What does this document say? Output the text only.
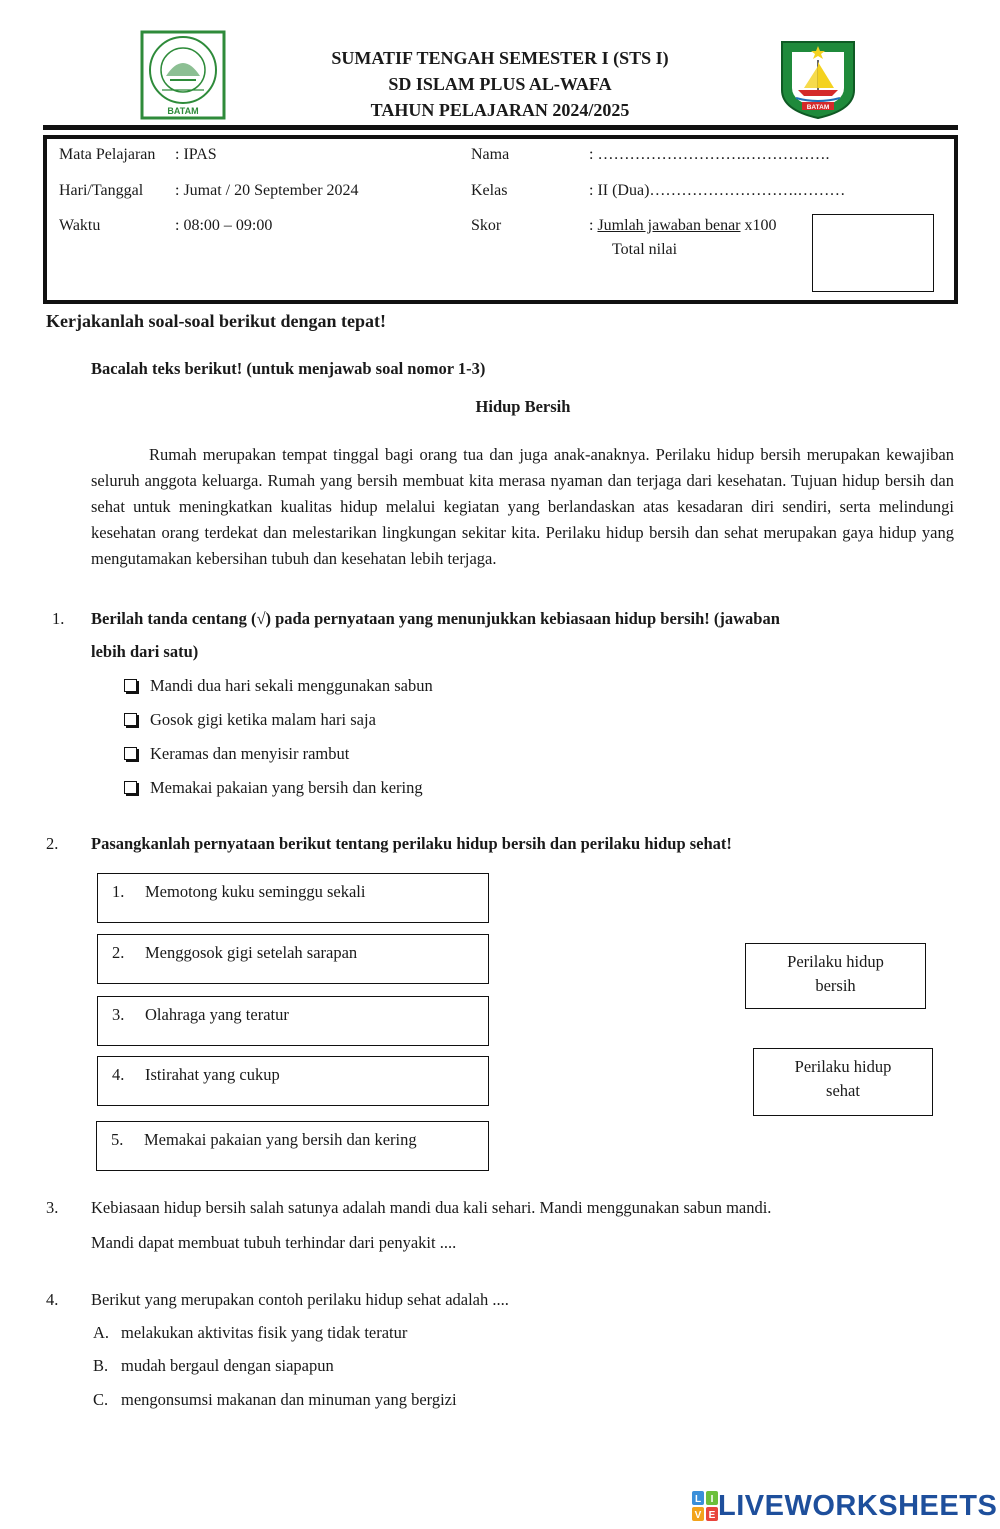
BATAM
SUMATIF TENGAH SEMESTER I (STS I)
SD ISLAM PLUS AL-WAFA
TAHUN PELAJARAN 2024/2025	BATAM
Mata Pelajaran : IPAS
Hari/Tanggal : Jumat / 20 September 2024
Waktu	: 08:00 – 09:00
Nama	: ……………………….…………….
Kelas	: II (Dua)……………………….………
Skor	: Jumlah jawaban benar x100
Total nilai
Kerjakanlah soal-soal berikut dengan tepat!
Bacalah teks berikut! (untuk menjawab soal nomor 1-3)
Hidup Bersih
Rumah merupakan tempat tinggal bagi orang tua dan juga anak-anaknya. Perilaku hidup bersih merupakan kewajiban seluruh anggota keluarga. Rumah yang bersih membuat kita merasa nyaman dan terjaga dari kesehatan. Tujuan hidup bersih dan sehat untuk meningkatkan kualitas hidup melalui kegiatan yang berlandaskan atas kesadaran diri sendiri, serta melindungi kesehatan orang terdekat dan melestarikan lingkungan sekitar kita. Perilaku hidup bersih dan sehat merupakan gaya hidup yang mengutamakan kebersihan tubuh dan kesehatan lebih terjaga.
1. Berilah tanda centang (√) pada pernyataan yang menunjukkan kebiasaan hidup bersih! (jawaban
lebih dari satu)
Mandi dua hari sekali menggunakan sabun
Gosok gigi ketika malam hari saja
Keramas dan menyisir rambut
Memakai pakaian yang bersih dan kering
2. Pasangkanlah pernyataan berikut tentang perilaku hidup bersih dan perilaku hidup sehat!
1. Memotong kuku seminggu sekali
2. Menggosok gigi setelah sarapan
3. Olahraga yang teratur
4. Istirahat yang cukup
5. Memakai pakaian yang bersih dan kering
Perilaku hidup
bersih
Perilaku hidup
sehat
3. Kebiasaan hidup bersih salah satunya adalah mandi dua kali sehari. Mandi menggunakan sabun mandi.
Mandi dapat membuat tubuh terhindar dari penyakit ....
4. Berikut yang merupakan contoh perilaku hidup sehat adalah ....
A. melakukan aktivitas fisik yang tidak teratur
B. mudah bergaul dengan siapapun
C. mengonsumsi makanan dan minuman yang bergizi
L I
V E LIVEWORKSHEETS
